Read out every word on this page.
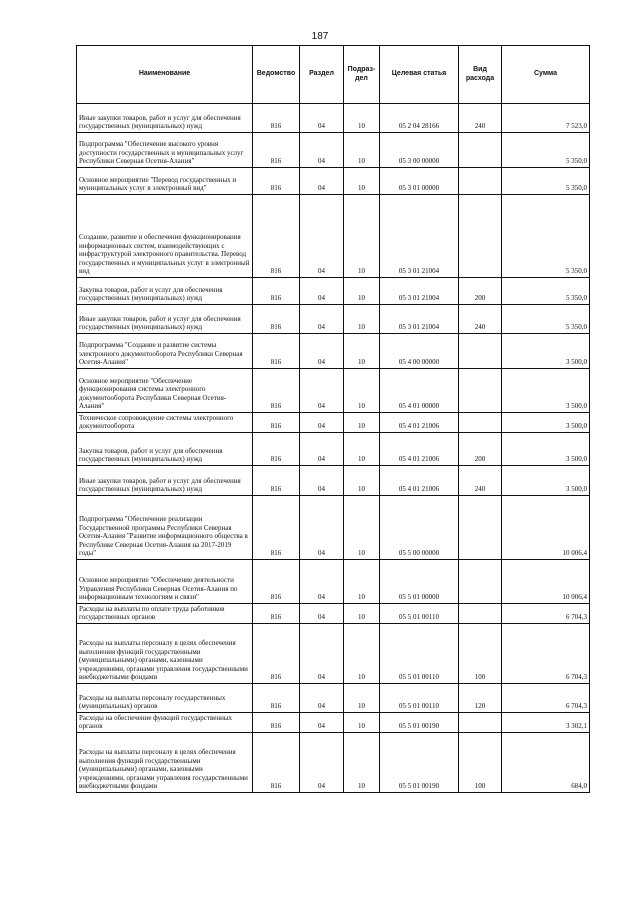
187
Наименование	Ведомство	Раздел	Подраз-дел	Целевая статья	Вид расхода	Сумма
Иные закупки товаров, работ и услуг для обеспечения государственных (муниципальных) нужд	816	04	10	05 2 04 28166	240	7 523,0
Подпрограмма "Обеспечение высокого уровня доступности государственных и муниципальных услуг Республики Северная Осетия-Алания"	816	04	10	05 3 00 00000		5 350,0
Основное мероприятие "Перевод государственных и муниципальных услуг в электронный вид"	816	04	10	05 3 01 00000		5 350,0
Создание, развитие и обеспечение функционирования информационных систем, взаимодействующих с инфраструктурой электронного правительства. Перевод государственных и муниципальных услуг в электронный вид	816	04	10	05 3 01 21004		5 350,0
Закупка товаров, работ и услуг для обеспечения государственных (муниципальных) нужд	816	04	10	05 3 01 21004	200	5 350,0
Иные закупки товаров, работ и услуг для обеспечения государственных (муниципальных) нужд	816	04	10	05 3 01 21004	240	5 350,0
Подпрограмма "Создание и развитие системы электронного документооборота Республики Северная Осетия-Алания"	816	04	10	05 4 00 00000		3 500,0
Основное мероприятие "Обеспечение функционирования системы электронного документооборота Республики Северная Осетия-Алания"	816	04	10	05 4 01 00000		3 500,0
Техническое сопровождение системы электронного документооборота	816	04	10	05 4 01 21006		3 500,0
Закупка товаров, работ и услуг для обеспечения государственных (муниципальных) нужд	816	04	10	05 4 01 21006	200	3 500,0
Иные закупки товаров, работ и услуг для обеспечения государственных (муниципальных) нужд	816	04	10	05 4 01 21006	240	3 500,0
Подпрограмма "Обеспечение реализации Государственной программы Республики Северная Осетия-Алания "Развитие информационного общества в Республике Северная Осетия-Алания на 2017-2019 годы"	816	04	10	05 5 00 00000		10 006,4
Основное мероприятие "Обеспечение деятельности Управления Республики Северная Осетия-Алания по информационным технологиям и связи"	816	04	10	05 5 01 00000		10 006,4
Расходы на выплаты по оплате труда работников государственных органов	816	04	10	05 5 01 00110		6 704,3
Расходы на выплаты персоналу в целях обеспечения выполнения функций государственными (муниципальными) органами, казенными учреждениями, органами управления государственными внебюджетными фондами	816	04	10	05 5 01 00110	100	6 704,3
Расходы на выплаты персоналу государственных (муниципальных) органов	816	04	10	05 5 01 00110	120	6 704,3
Расходы на обеспечение функций государственных органов	816	04	10	05 5 01 00190		3 302,1
Расходы на выплаты персоналу в целях обеспечения выполнения функций государственными (муниципальными) органами, казенными учреждениями, органами управления государственными внебюджетными фондами	816	04	10	05 5 01 00190	100	684,0
